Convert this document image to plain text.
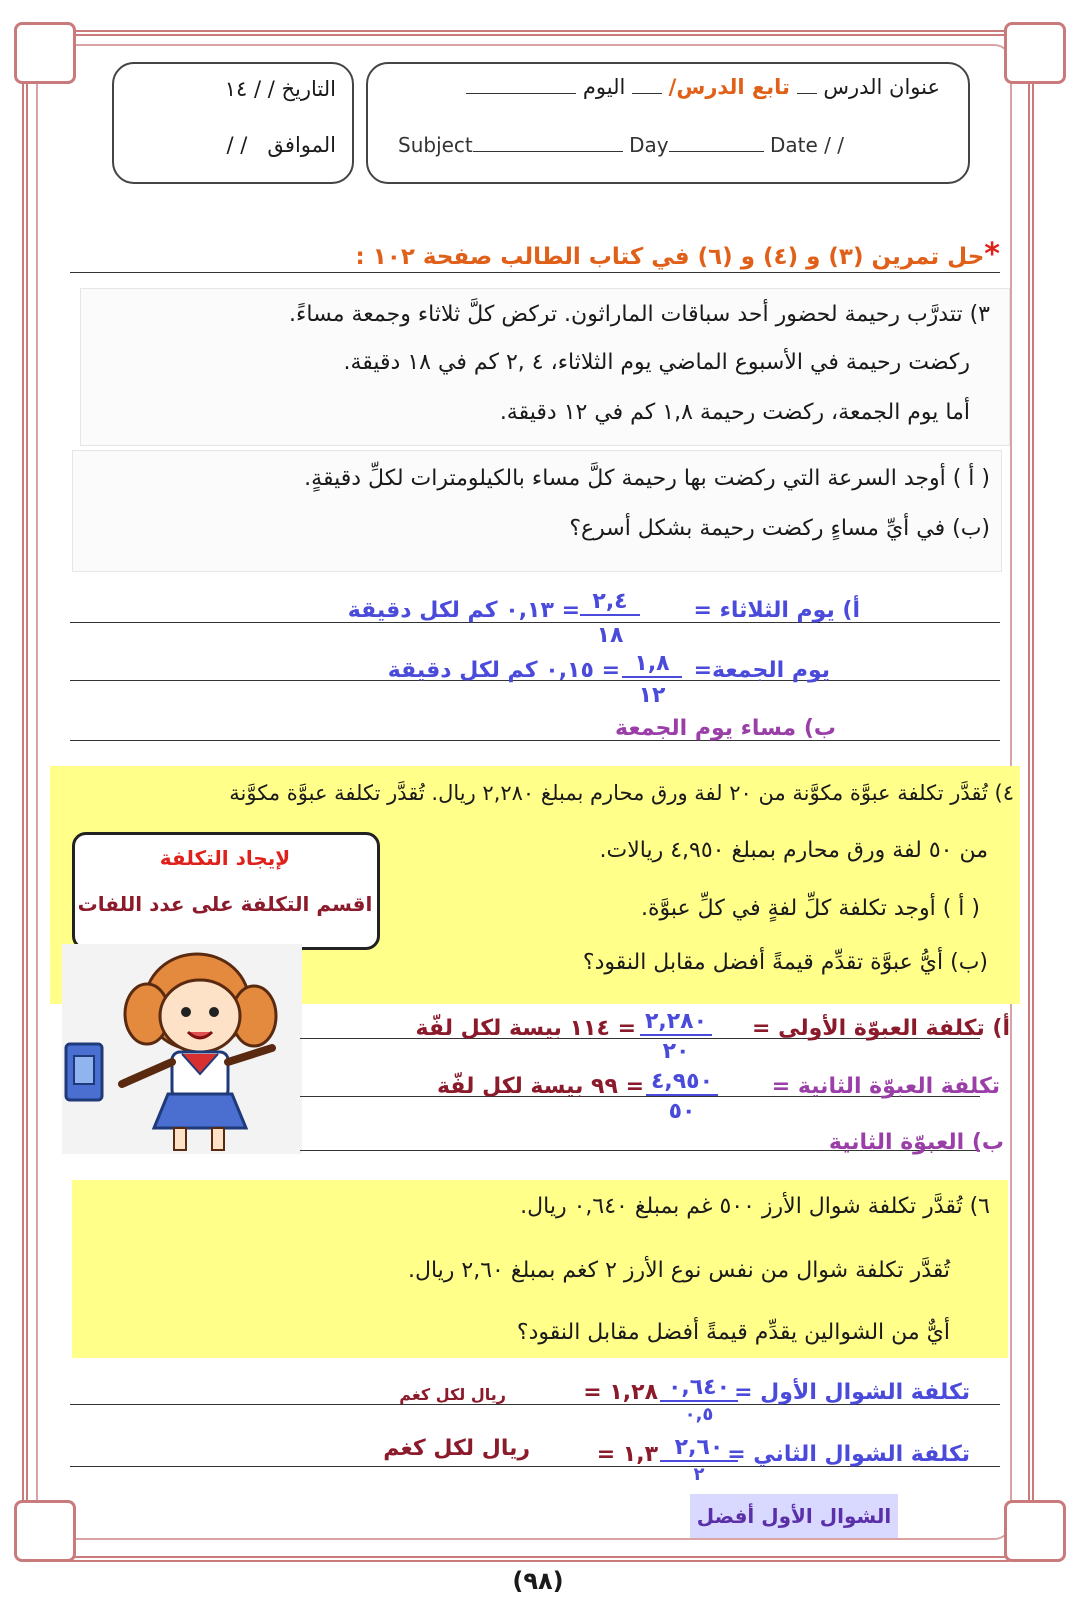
التاريخ / / ١٤
الموافق   / /
عنوان الدرس  تابع الدرس/  اليوم
Subject	Day	Date / /
*حل تمرين (٣) و (٤) و (٦) في كتاب الطالب صفحة ١٠٢ :
٣) تتدرَّب رحيمة لحضور أحد سباقات الماراثون. تركض كلَّ ثلاثاء وجمعة مساءً.
ركضت رحيمة في الأسبوع الماضي يوم الثلاثاء، ٤ ,٢ كم في ١٨ دقيقة.
أما يوم الجمعة، ركضت رحيمة ١,٨ كم في ١٢ دقيقة.
( أ ) أوجد السرعة التي ركضت بها رحيمة كلَّ مساء بالكيلومترات لكلِّ دقيقةٍ.
(ب) في أيِّ مساءٍ ركضت رحيمة بشكل أسرع؟
أ) يوم الثلاثاء =
٢,٤
١٨
= ٠,١٣ كم لكل دقيقة
يوم الجمعة=
١,٨
١٢
= ٠,١٥ كم لكل دقيقة
ب) مساء يوم الجمعة
٤) تُقدَّر تكلفة عبوَّة مكوَّنة من ٢٠ لفة ورق محارم بمبلغ ٢,٢٨٠ ريال. تُقدَّر تكلفة عبوَّة مكوَّنة
من ٥٠ لفة ورق محارم بمبلغ ٤,٩٥٠ ريالات.
( أ ) أوجد تكلفة كلِّ لفةٍ في كلِّ عبوَّة.
(ب) أيُّ عبوَّة تقدِّم قيمةً أفضل مقابل النقود؟
لإيجاد التكلفة
اقسم التكلفة على عدد اللفات
أ) تكلفة العبوّة الأولى =
٢,٢٨٠
٢٠
= ١١٤ بيسة لكل لفّة
تكلفة العبوّة الثانية =
٤,٩٥٠
٥٠
= ٩٩ بيسة لكل لفّة
ب) العبوّة الثانية
٦) تُقدَّر تكلفة شوال الأرز ٥٠٠ غم بمبلغ ٠,٦٤٠ ريال.
تُقدَّر تكلفة شوال من نفس نوع الأرز ٢ كغم بمبلغ ٢,٦٠ ريال.
أيٌّ من الشوالين يقدِّم قيمةً أفضل مقابل النقود؟
تكلفة الشوال الأول =
٠,٦٤٠
٠,٥
= ١,٢٨
ريال لكل كغم
تكلفة الشوال الثاني =
٢,٦٠
٢
= ١,٣
ريال لكل كغم
الشوال الأول أفضل
(٩٨)
